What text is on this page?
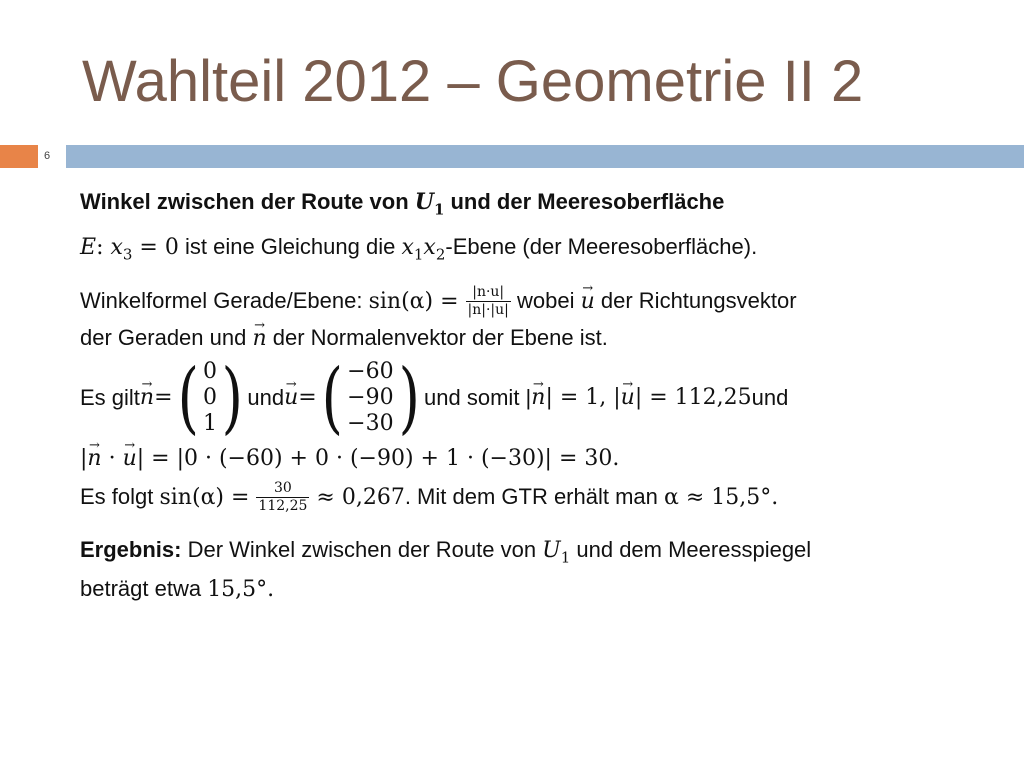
Wahlteil 2012 – Geometrie II 2
6
Winkel zwischen der Route von $U_1$ und der Meeresoberfläche
E: $x_3 = 0$ ist eine Gleichung die $x_1x_2$-Ebene (der Meeresoberfläche).
Winkelformel Gerade/Ebene: $\sin(\alpha) = \frac{|n\cdot u|}{|n|\cdot|u|}$ wobei → u der Richtungsvektor
der Geraden und → n der Normalenvektor der Ebene ist.
Es gilt → n = ( 0
0
1 ) und → u = ( −60
−90
−30 ) und somit | → n | = 1, | → u | = 112,25 und
|→ n · → u| = |0 · (−60) + 0 · (−90) + 1 · (−30)| = 30.
Es folgt $\sin(\alpha) = \frac{30}{112,25} \approx 0,267$. Mit dem GTR erhält man α ≈ 15,5°.
Ergebnis: Der Winkel zwischen der Route von $U_1$ und dem Meeresspiegel
beträgt etwa 15,5°.
